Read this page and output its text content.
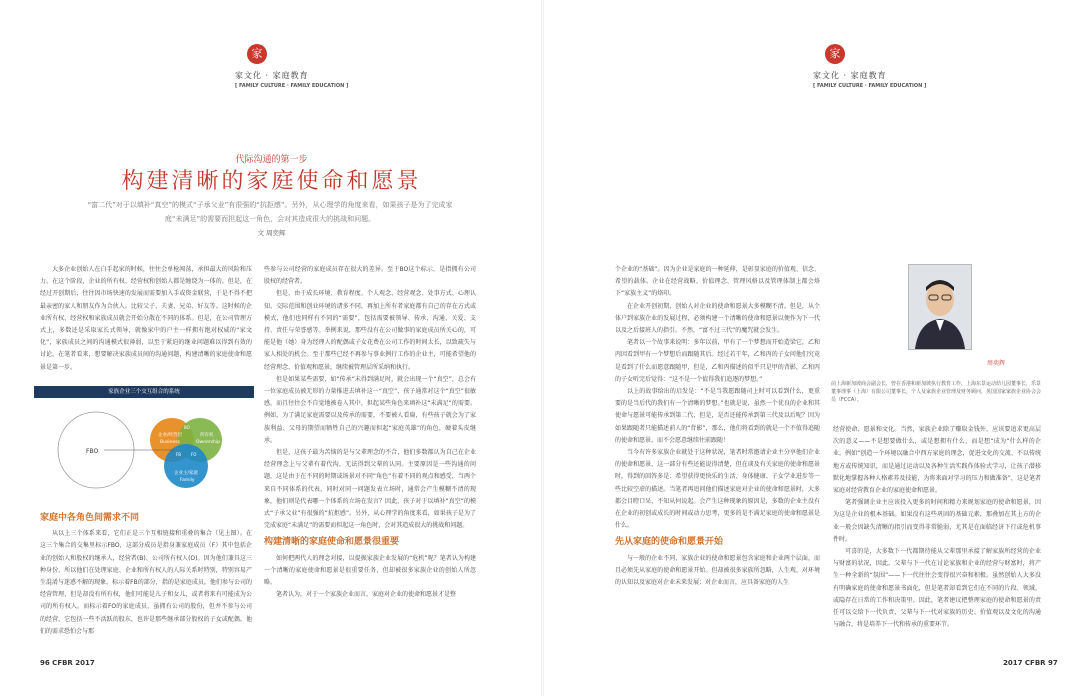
家
家文化 · 家庭教育
[ FAMILY CULTURE · FAMILY EDUCATION ]
代际沟通的第一步
构建清晰的家庭使命和愿景
“富二代”对于以填补“真空”的模式“子承父业”有很强的“抗拒感”。另外，从心理学的角度来看，如果孩子是为了完成家庭“未满足”的需要而担起这一角色，会对其造成很大的挑战和问题。
文 周奕辉

大多企业创始人在白手起家的时候，往往会单枪闯荡，承担最大的风险和压力。在这个阶段，企业的所有权、经营权和创始人都是缠绕为一体的。但是，在经过开创期后，往往因市场快速的发展而需要加入手或资金联营，于是不得不把最亲密的家人和朋友作为合伙人。比较父子、夫妻、兄弟、好友等。这时候的企业所有权、经营权和家族成员就会开始分散在不同的体系。但是，在公司管理方式上，多数还是采取家长式领导，就像家中的户主一样拥有绝对权威的“家文化”，家族成员之间的沟通模式很薄弱，以至于紧迫的继业问题难以得到有效的讨论。在笔者看来，想要解决家族成员间的沟通问题，构建清晰的家庭使命和愿景是第一步。

家族企业三个交互组合的系统
FBO
企业/经营层
Business
所有权
Ownership
企业主/家庭
Family
FB FO
BO
家庭中各角色间需求不同

从以上三个体系来看，它们正是三个互相链接和重叠的集合（见上图）。在这三个集合的交集里标示FBO，这部分成员是指身兼家庭成员（F）其中包括企业的创始人和股权的继承人，经营者(B)、公司所有权人(O)。因为他们兼具这三种身份，所以他们在处理家庭、企业和所有权人的人际关系时特别，特别容易产生混淆与迷惑不解的现象。标示着FB的部分，指的是家庭成员，他们参与公司的经营管理，但是却没有所有权，他们可能是儿子和女儿，或者将来有可能成为公司的所有权人。而标示着FO的家庭成员，虽拥有公司的股份，但并不参与公司的经营，它包括一些不活跃的股东，也许是那些继承部分股权的子女或配偶。他们的需求恐怕会与那

些参与公司经营的家庭成员存在很大的差异。至于BO这个标示，是指拥有公司股权的经营者。

但是，由于成长环境、教育程度、个人观念、经营观念、处事方式、心理认知、交际范围和创业环境的诸多不同，再加上所有者家庭都有自己的存在方式或模式，他们也同样有不同的“需要”，包括需要被领导、传承、沟通、关爱、支持、责任与荣誉感等。举例来说，那些没有在公司做事的家庭成员所关心的，可能是他（她）身为经理人的配偶或子女花费在公司工作的时间太长，以致疏失与家人相处的机会。至于那些已经不再参与事业例行工作的企业主，可能希望他的经营理念、价值观和愿景，继续被管理层所采纳和执行。

但是如果某些需要，如“传承”未得到满足时，就会出现一个“真空”，总会有一位家庭成员被无形的力量推进去填补这一“真空”，孩子通常对这个“真空”很敏感，而且往往会不自觉地被卷入其中，担起某些角色来填补这“未满足”的需要。例如，为了满足家庭需要以及传承的需要，不要被人看扁，有些孩子就会为了家族利益、父母的期望而牺牲自己的兴趣而担起“家庭英雄”的角色，硬着头皮继承。

但是，这孩子最为苦恼的是与父辈理念的不合，他们多数都认为自己在企业经营理念上与父辈有着代沟，无法得到父辈的认同。主要原因是一些沟通的问题，这是由于在不同的时期或场景对不同“角色”有着不同的观点和感受，当两个来自不同体系的代表，同时对同一问题发表立场时，通常会产生模糊不清的现象，他们则是代表哪一个体系的立场在发言？因此，孩子对于以填补“真空”的模式“子承父业”有很强的“抗拒感”。另外，从心理学的角度来看，如果孩子是为了完成家庭“未满足”的需要而担起这一角色时，会对其造成很大的挑战和问题。

构建清晰的家庭使命和愿景很重要

如何把两代人的理念对接，以提振家族企业发展的“危机”呢？笔者认为构建一个清晰的家庭使命和愿景是很重要任务，但却被很多家族企业的创始人所忽略。

笔者认为，对于一个家族企业而言，家庭对企业的使命和愿景才是整

96 CFBR 2017
家
家文化 · 家庭教育
[ FAMILY CULTURE · FAMILY EDUCATION ]

个企业的“基础”。因为企业是家庭的一种延伸，是彰显家庭的价值观、信念、希望的载体。企业在经营战略、价值理念、管理风格以及管理体制上都会烙下“家族主义”的烙印。

在企业开创初期，创始人对企业的使命和愿景大多模糊不清。但是，从个体户到家族企业的发展过程，必须构建一个清晰的使命和愿景以便作为下一代以及之后接班人的指引。不然，“富不过三代”的魔咒就会发生。

笔者以一个故事来说明：多年以前，甲有了一个梦想而开始造梁它，乙和丙因看到甲有一个梦想后而跟随其后。经过若干年，乙和丙的子女问他们究竟是看到了什么而愿意跟随甲，但是，乙和丙描述的似乎只是甲的背影，乙和丙的子女听完后觉得：“这不是一个值得我们追逐的梦想。”

以上的故事给出的启发是：“不是当我愿跟随司上时可以看到什么，更重要的是当后代的我们有一个清晰的梦想。”也就是说，虽然一个优良的企业和其使命与愿景可能传承到第二代，但是，是否还能传承到第三代及以后呢？因为如果跟随者只能描述前人的“背影”，那么，他们将看到的就是一个不值得追随的使命和愿景，而不会愿意继续往前跟随！

当今有许多家族企业就处于这种状况，笔者时常邀请企业主分享他们企业的使命和愿景，这一部分有些还能说得清楚，但在谈及有关家庭的使命和愿景时，得到的回答多是：希望获得更快乐的生活、身体健康、子女学业进步等一些比较空虚的描述。当笔者再追问他们描述家庭对企业的使命和愿景时，大多都会目瞪口呆，不知从何说起。会产生这种现象的原因是，多数的企业主没有在企业的初创或成长的时间或动力思考，更多的是不满足家庭的使命和愿景是什么。

先从家庭的使命和愿景开始

与一般的企业不同，家族企业的使命和愿景包含家庭和企业两个层面，而且必须先从家庭的使命和愿景开始。但却被很多家族所忽略，人生观、对环境的认知以及家庭对企业未来发展；对企业而言，应具备家庭的人生

经营使命、愿景和文化。当然，家族企业除了赚取金钱外，应该要追求更高层次的意义——不是想要做什么，或是想拥有什么，而是想“成为”什么样的企业。例如“创造一个环境以融合中西方家庭的理念，促进文化的交流、不以传统地方或传统知识，而是通过运动以及各种生活实践作体验式学习，让孩子潜移默化地掌握各种人格素养及技能，为将来面对学习的压力和做准备”，这是笔者家庭对经营教育企业的家庭使命和愿景。

笔者强调企业主应该投入更多的时间和精力来规划家庭的使命和愿景，因为这是企业的根本基础。如果没有这些巩固的基础元素，那叠加在其上方的企业一般会因缺失清晰的指引而变得非常脆弱，尤其是在面临经济下行或危机事件时。

可喜的是，大多数下一代都期待能从父辈那里承接了解家族所经营的企业与财富的状况，因此，父辈与下一代在讨论家族和企业的经营与财富时，将产生一种全新的“氛围”——下一代往往会变得很兴奋和积极。虽然创始人大多没有明确家庭的使命和愿景书面化，但是笔者却看到它们在不同的片段、领域，或隐存在日常的工作和决策里。因此，笔者建议把整理家庭的使命和愿景的责任可以交给下一代负责，父辈与下一代对家族的历史、价值观以及文化的沟通与融合，将是培养下一代和传承的重要环节。

周奕辉
前上海新加坡商会副会长，曾在香港和新加坡执行教育工作，上海东景运动幼儿园董事长，乐景董事理事（上海）有限公司董事长，个人及家族企业管理及财务顾问，英国国家家族企业协会会员（FCCA）。
2017 CFBR 97
